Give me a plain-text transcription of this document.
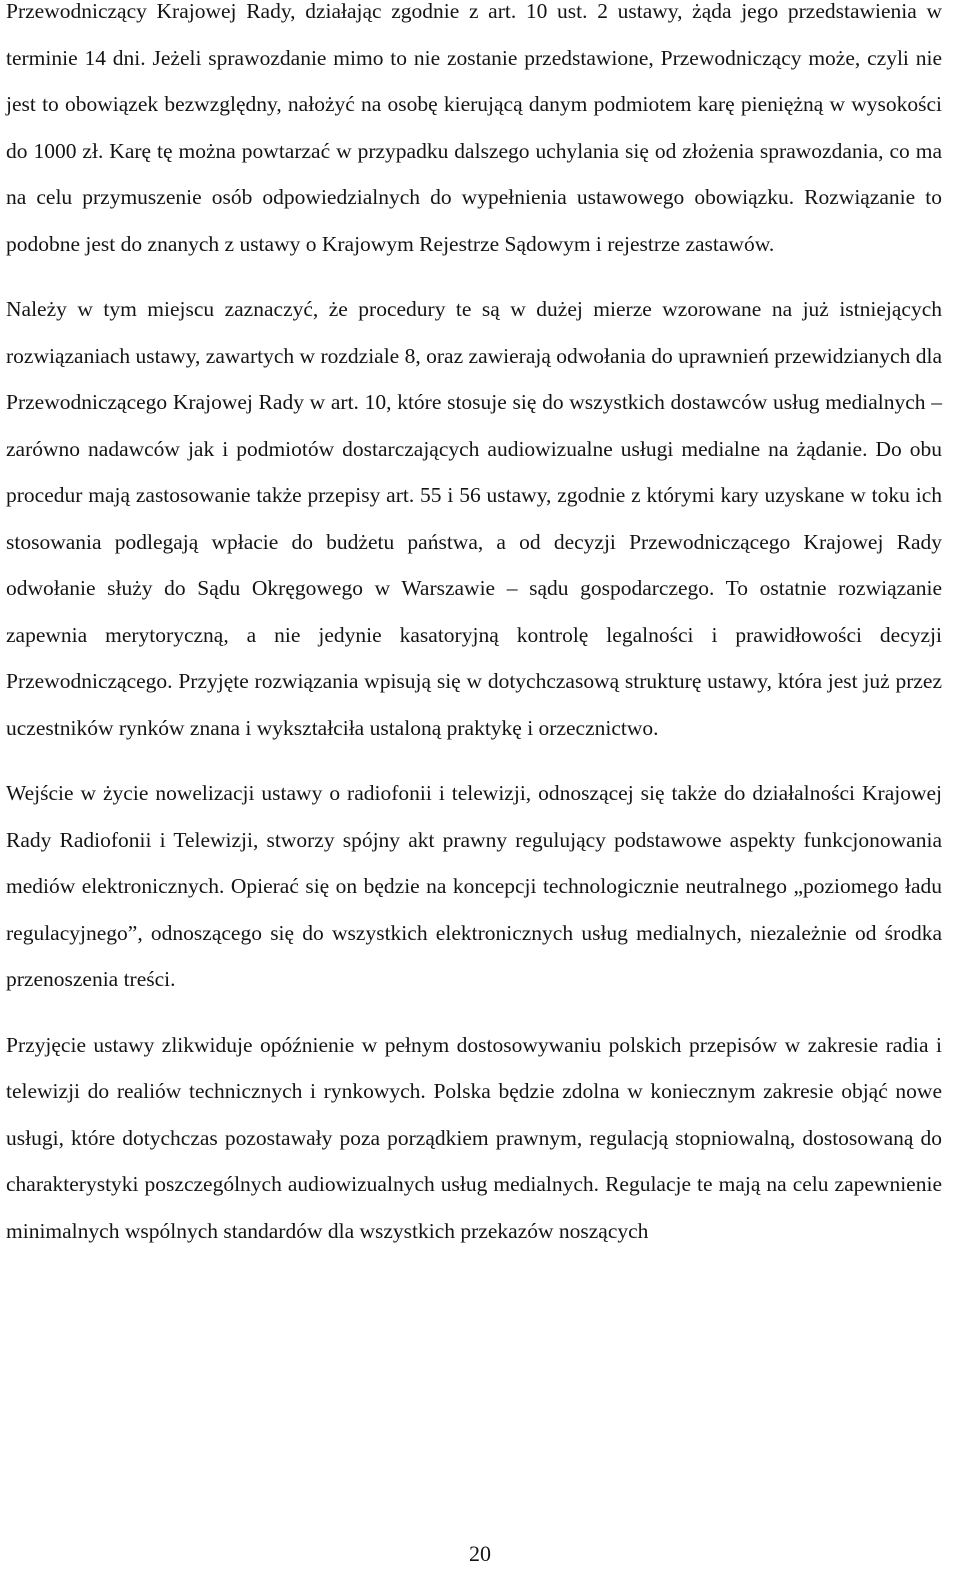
Przewodniczący Krajowej Rady, działając zgodnie z art. 10 ust. 2 ustawy, żąda jego przedstawienia w terminie 14 dni. Jeżeli sprawozdanie mimo to nie zostanie przedstawione, Przewodniczący może, czyli nie jest to obowiązek bezwzględny, nałożyć na osobę kierującą danym podmiotem karę pieniężną w wysokości do 1000 zł. Karę tę można powtarzać w przypadku dalszego uchylania się od złożenia sprawozdania, co ma na celu przymuszenie osób odpowiedzialnych do wypełnienia ustawowego obowiązku. Rozwiązanie to podobne jest do znanych z ustawy o Krajowym Rejestrze Sądowym i rejestrze zastawów.

Należy w tym miejscu zaznaczyć, że procedury te są w dużej mierze wzorowane na już istniejących rozwiązaniach ustawy, zawartych w rozdziale 8, oraz zawierają odwołania do uprawnień przewidzianych dla Przewodniczącego Krajowej Rady w art. 10, które stosuje się do wszystkich dostawców usług medialnych – zarówno nadawców jak i podmiotów dostarczających audiowizualne usługi medialne na żądanie. Do obu procedur mają zastosowanie także przepisy art. 55 i 56 ustawy, zgodnie z którymi kary uzyskane w toku ich stosowania podlegają wpłacie do budżetu państwa, a od decyzji Przewodniczącego Krajowej Rady odwołanie służy do Sądu Okręgowego w Warszawie – sądu gospodarczego. To ostatnie rozwiązanie zapewnia merytoryczną, a nie jedynie kasatoryjną kontrolę legalności i prawidłowości decyzji Przewodniczącego. Przyjęte rozwiązania wpisują się w dotychczasową strukturę ustawy, która jest już przez uczestników rynków znana i wykształciła ustaloną praktykę i orzecznictwo.

Wejście w życie nowelizacji ustawy o radiofonii i telewizji, odnoszącej się także do działalności Krajowej Rady Radiofonii i Telewizji, stworzy spójny akt prawny regulujący podstawowe aspekty funkcjonowania mediów elektronicznych. Opierać się on będzie na koncepcji technologicznie neutralnego „poziomego ładu regulacyjnego”, odnoszącego się do wszystkich elektronicznych usług medialnych, niezależnie od środka przenoszenia treści.

Przyjęcie ustawy zlikwiduje opóźnienie w pełnym dostosowywaniu polskich przepisów w zakresie radia i telewizji do realiów technicznych i rynkowych. Polska będzie zdolna w koniecznym zakresie objąć nowe usługi, które dotychczas pozostawały poza porządkiem prawnym, regulacją stopniowalną, dostosowaną do charakterystyki poszczególnych audiowizualnych usług medialnych. Regulacje te mają na celu zapewnienie minimalnych wspólnych standardów dla wszystkich przekazów noszących

20
